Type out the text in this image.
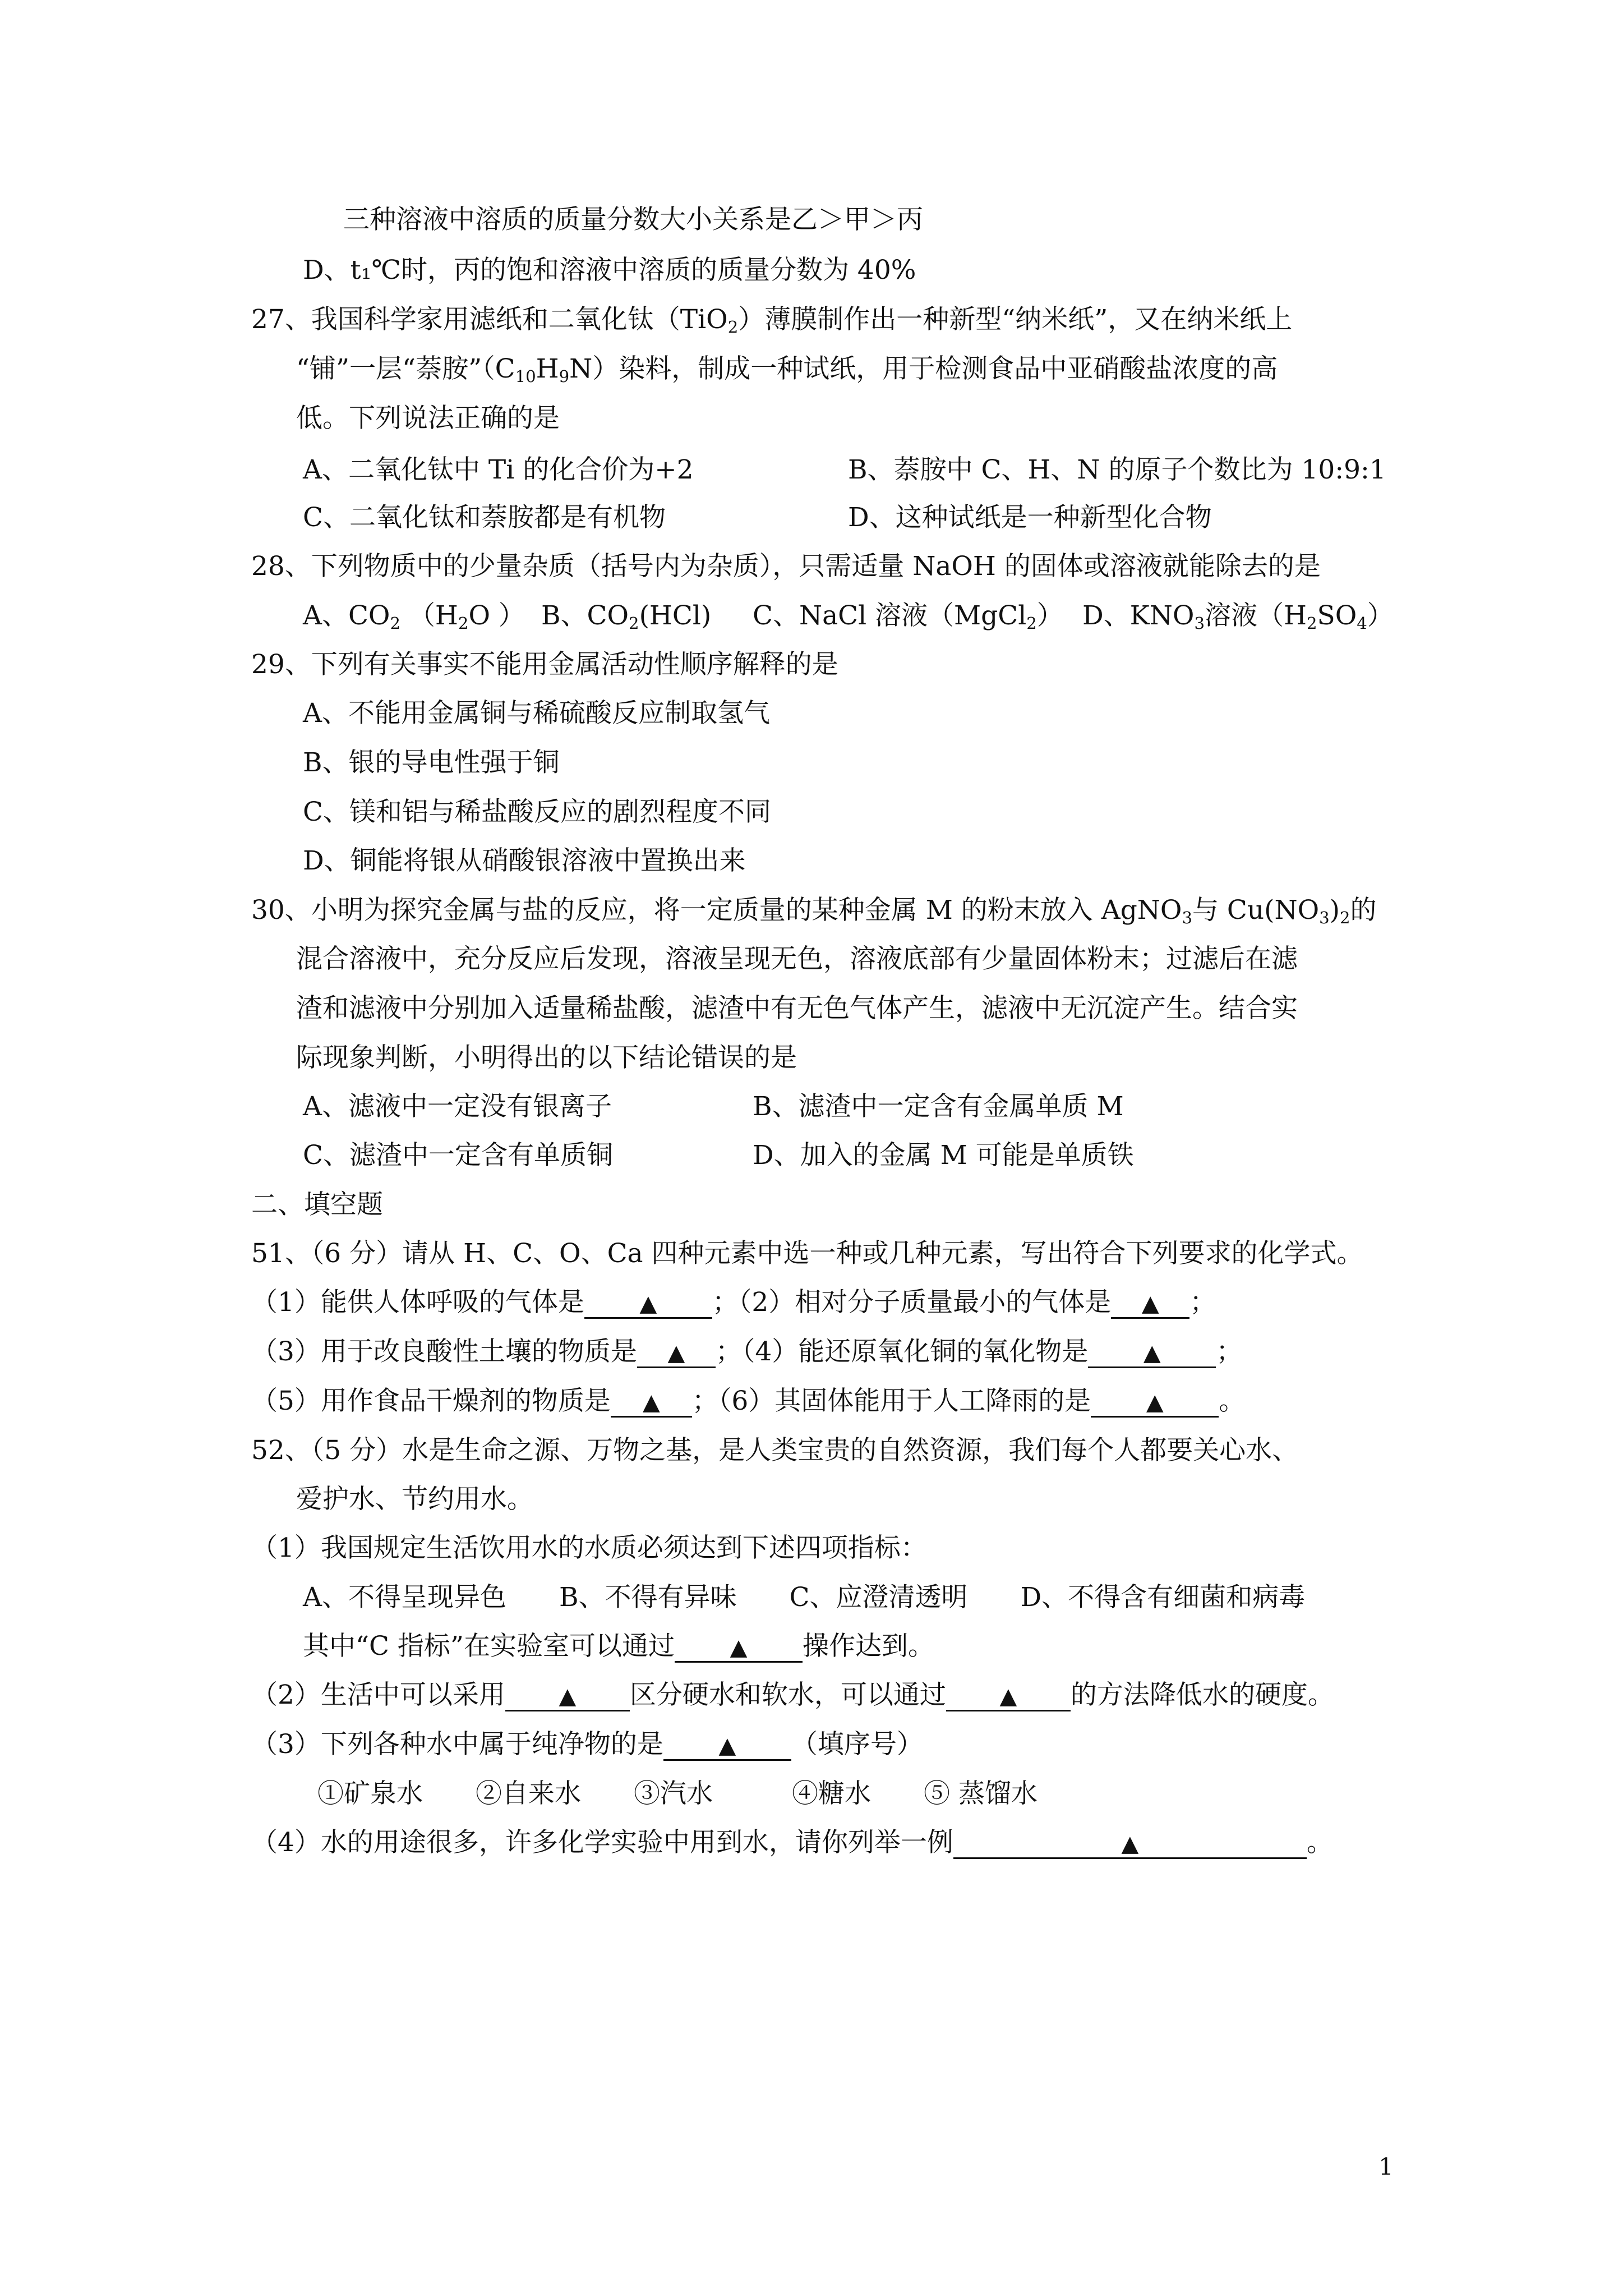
三种溶液中溶质的质量分数大小关系是乙＞甲＞丙
D、t₁℃时，丙的饱和溶液中溶质的质量分数为 40%
27、我国科学家用滤纸和二氧化钛（TiO$_2$）薄膜制作出一种新型“纳米纸”，又在纳米纸上
“铺”一层“萘胺$”(C_{10}H_9N)$染料，制成一种试纸，用于检测食品中亚硝酸盐浓度的高
低。下列说法正确的是
A、二氧化钛中 Ti 的化合价为+2	B、萘胺中 C、H、N 的原子个数比为 10:9:1
C、二氧化钛和萘胺都是有机物	D、这种试纸是一种新型化合物
28、下列物质中的少量杂质（括号内为杂质），只需适量 NaOH 的固体或溶液就能除去的是
A、$CO_2$ （$H_2O$ ） B、$CO_2(HCl)$ C、NaCl 溶液（MgCl$_2$） D、$KNO_3$溶液$(H_2SO_4)$
29、下列有关事实不能用金属活动性顺序解释的是
A、不能用金属铜与稀硫酸反应制取氢气
B、银的导电性强于铜
C、镁和铝与稀盐酸反应的剧烈程度不同
D、铜能将银从硝酸银溶液中置换出来
30、小明为探究金属与盐的反应，将一定质量的某种金属 M 的粉末放入 AgNO$_3$与 $Cu(NO_3)_2$的
混合溶液中，充分反应后发现，溶液呈现无色，溶液底部有少量固体粉末；过滤后在滤
渣和滤液中分别加入适量稀盐酸，滤渣中有无色气体产生，滤液中无沉淀产生。结合实
际现象判断，小明得出的以下结论错误的是
A、滤液中一定没有银离子	B、滤渣中一定含有金属单质 M
C、滤渣中一定含有单质铜	D、加入的金属 M 可能是单质铁
二、填空题
51、（6 分）请从 H、C、O、Ca 四种元素中选一种或几种元素，写出符合下列要求的化学式。
（1）能供人体呼吸的气体是 ▲ ；（2）相对分子质量最小的气体是 ▲ ；
（3）用于改良酸性土壤的物质是 ▲ ；（4）能还原氧化铜的氧化物是 ▲ ；
（5）用作食品干燥剂的物质是 ▲ ；（6）其固体能用于人工降雨的是 ▲ 。
52、（5 分）水是生命之源、万物之基，是人类宝贵的自然资源，我们每个人都要关心水、
爱护水、节约用水。
（1）我国规定生活饮用水的水质必须达到下述四项指标：
A、不得呈现异色　　B、不得有异味　　C、应澄清透明　　D、不得含有细菌和病毒
其中“C 指标”在实验室可以通过 ▲ 操作达到。
（2）生活中可以采用 ▲ 区分硬水和软水，可以通过 ▲ 的方法降低水的硬度。
（3）下列各种水中属于纯净物的是 ▲ （填序号）
①矿泉水　　②自来水　　③汽水　　　④糖水　　⑤ 蒸馏水
（4）水的用途很多，许多化学实验中用到水，请你列举一例	▲	。
1
